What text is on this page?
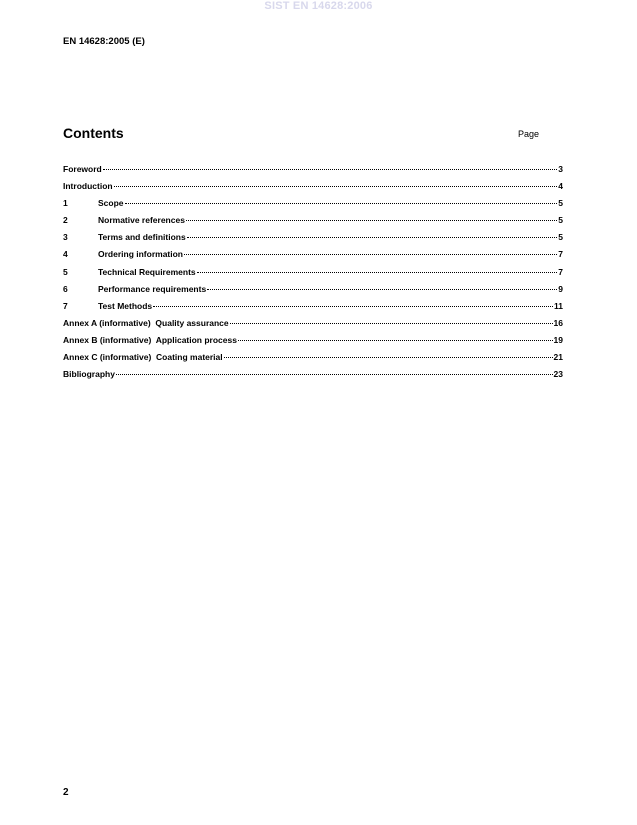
SIST EN 14628:2006
EN 14628:2005 (E)
Contents	Page
Foreword	3
Introduction	4
1	Scope	5
2	Normative references	5
3	Terms and definitions	5
4	Ordering information	7
5	Technical Requirements	7
6	Performance requirements	9
7	Test Methods	11
Annex A (informative)  Quality assurance	16
Annex B (informative)  Application process	19
Annex C (informative)  Coating material	21
Bibliography	23
2
